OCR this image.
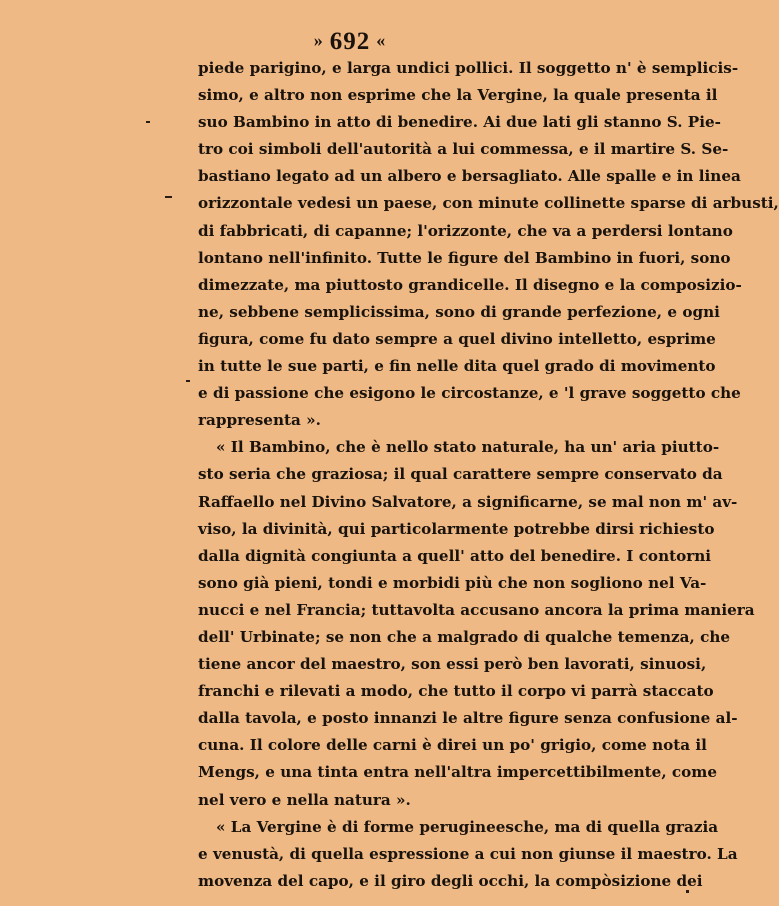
» 692 «
piede parigino, e larga undici pollici. Il soggetto n' è semplicis-
simo, e altro non esprime che la Vergine, la quale presenta il
suo Bambino in atto di benedire. Ai due lati gli stanno S. Pie-
tro coi simboli dell'autorità a lui commessa, e il martire S. Se-
bastiano legato ad un albero e bersagliato. Alle spalle e in linea
orizzontale vedesi un paese, con minute collinette sparse di arbusti,
di fabbricati, di capanne; l'orizzonte, che va a perdersi lontano
lontano nell'infinito. Tutte le figure del Bambino in fuori, sono
dimezzate, ma piuttosto grandicelle. Il disegno e la composizio-
ne, sebbene semplicissima, sono di grande perfezione, e ogni
figura, come fu dato sempre a quel divino intelletto, esprime
in tutte le sue parti, e fin nelle dita quel grado di movimento
e di passione che esigono le circostanze, e 'l grave soggetto che
rappresenta ».
« Il Bambino, che è nello stato naturale, ha un' aria piutto-
sto seria che graziosa; il qual carattere sempre conservato da
Raffaello nel Divino Salvatore, a significarne, se mal non m' av-
viso, la divinità, qui particolarmente potrebbe dirsi richiesto
dalla dignità congiunta a quell' atto del benedire. I contorni
sono già pieni, tondi e morbidi più che non sogliono nel Va-
nucci e nel Francia; tuttavolta accusano ancora la prima maniera
dell' Urbinate; se non che a malgrado di qualche temenza, che
tiene ancor del maestro, son essi però ben lavorati, sinuosi,
franchi e rilevati a modo, che tutto il corpo vi parrà staccato
dalla tavola, e posto innanzi le altre figure senza confusione al-
cuna. Il colore delle carni è direi un po' grigio, come nota il
Mengs, e una tinta entra nell'altra impercettibilmente, come
nel vero e nella natura ».
« La Vergine è di forme perugineesche, ma di quella grazia
e venustà, di quella espressione a cui non giunse il maestro. La
movenza del capo, e il giro degli occhi, la compòsizione dei
